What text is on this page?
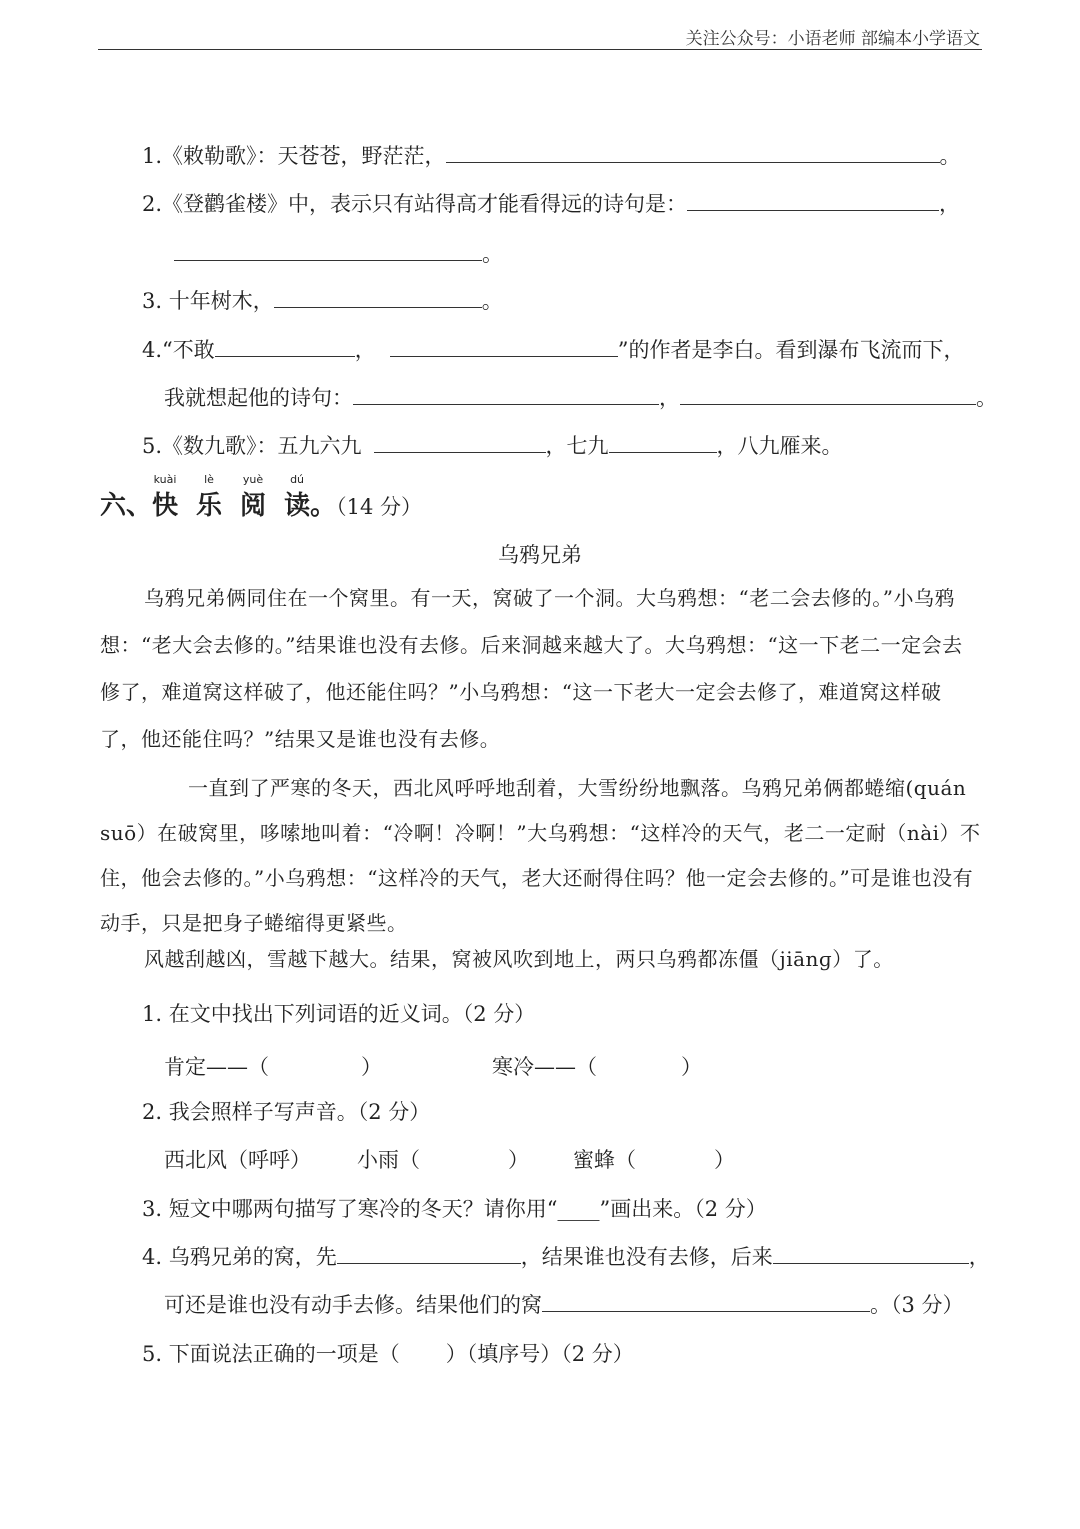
关注公众号：小语老师 部编本小学语文
1.《敕勒歌》：天苍苍，野茫茫，	。
2.《登鹳雀楼》中，表示只有站得高才能看得远的诗句是：	，
。
3. 十年树木，	。
4.“不敢	，	”的作者是李白。看到瀑布飞流而下，
我就想起他的诗句：	，	。
5.《数九歌》：五九六九	，七九	，八九雁来。
六、
kuài
快
lè
乐
yuè
阅
dú
读。（14 分）
乌鸦兄弟
乌鸦兄弟俩同住在一个窝里。有一天，窝破了一个洞。大乌鸦想：“老二会去修的。”小乌鸦想：“老大会去修的。”结果谁也没有去修。后来洞越来越大了。大乌鸦想：“这一下老二一定会去修了，难道窝这样破了，他还能住吗？”小乌鸦想：“这一下老大一定会去修了，难道窝这样破了，他还能住吗？”结果又是谁也没有去修。
一直到了严寒的冬天，西北风呼呼地刮着，大雪纷纷地飘落。乌鸦兄弟俩都蜷缩(quán suō）在破窝里，哆嗦地叫着：“冷啊！冷啊！”大乌鸦想：“这样冷的天气，老二一定耐（nài）不住，他会去修的。”小乌鸦想：“这样冷的天气，老大还耐得住吗？他一定会去修的。”可是谁也没有动手，只是把身子蜷缩得更紧些。
风越刮越凶，雪越下越大。结果，窝被风吹到地上，两只乌鸦都冻僵（jiānɡ）了。
1. 在文中找出下列词语的近义词。（2 分）
肯定——（	）	寒冷——（	）
2. 我会照样子写声音。（2 分）
西北风（呼呼） 小雨（	） 蜜蜂（	）
3. 短文中哪两句描写了寒冷的冬天？请你用“____”画出来。（2 分）
4. 乌鸦兄弟的窝，先	，结果谁也没有去修，后来	，
可还是谁也没有动手去修。结果他们的窝	。（3 分）
5. 下面说法正确的一项是（ ）（填序号）（2 分）
